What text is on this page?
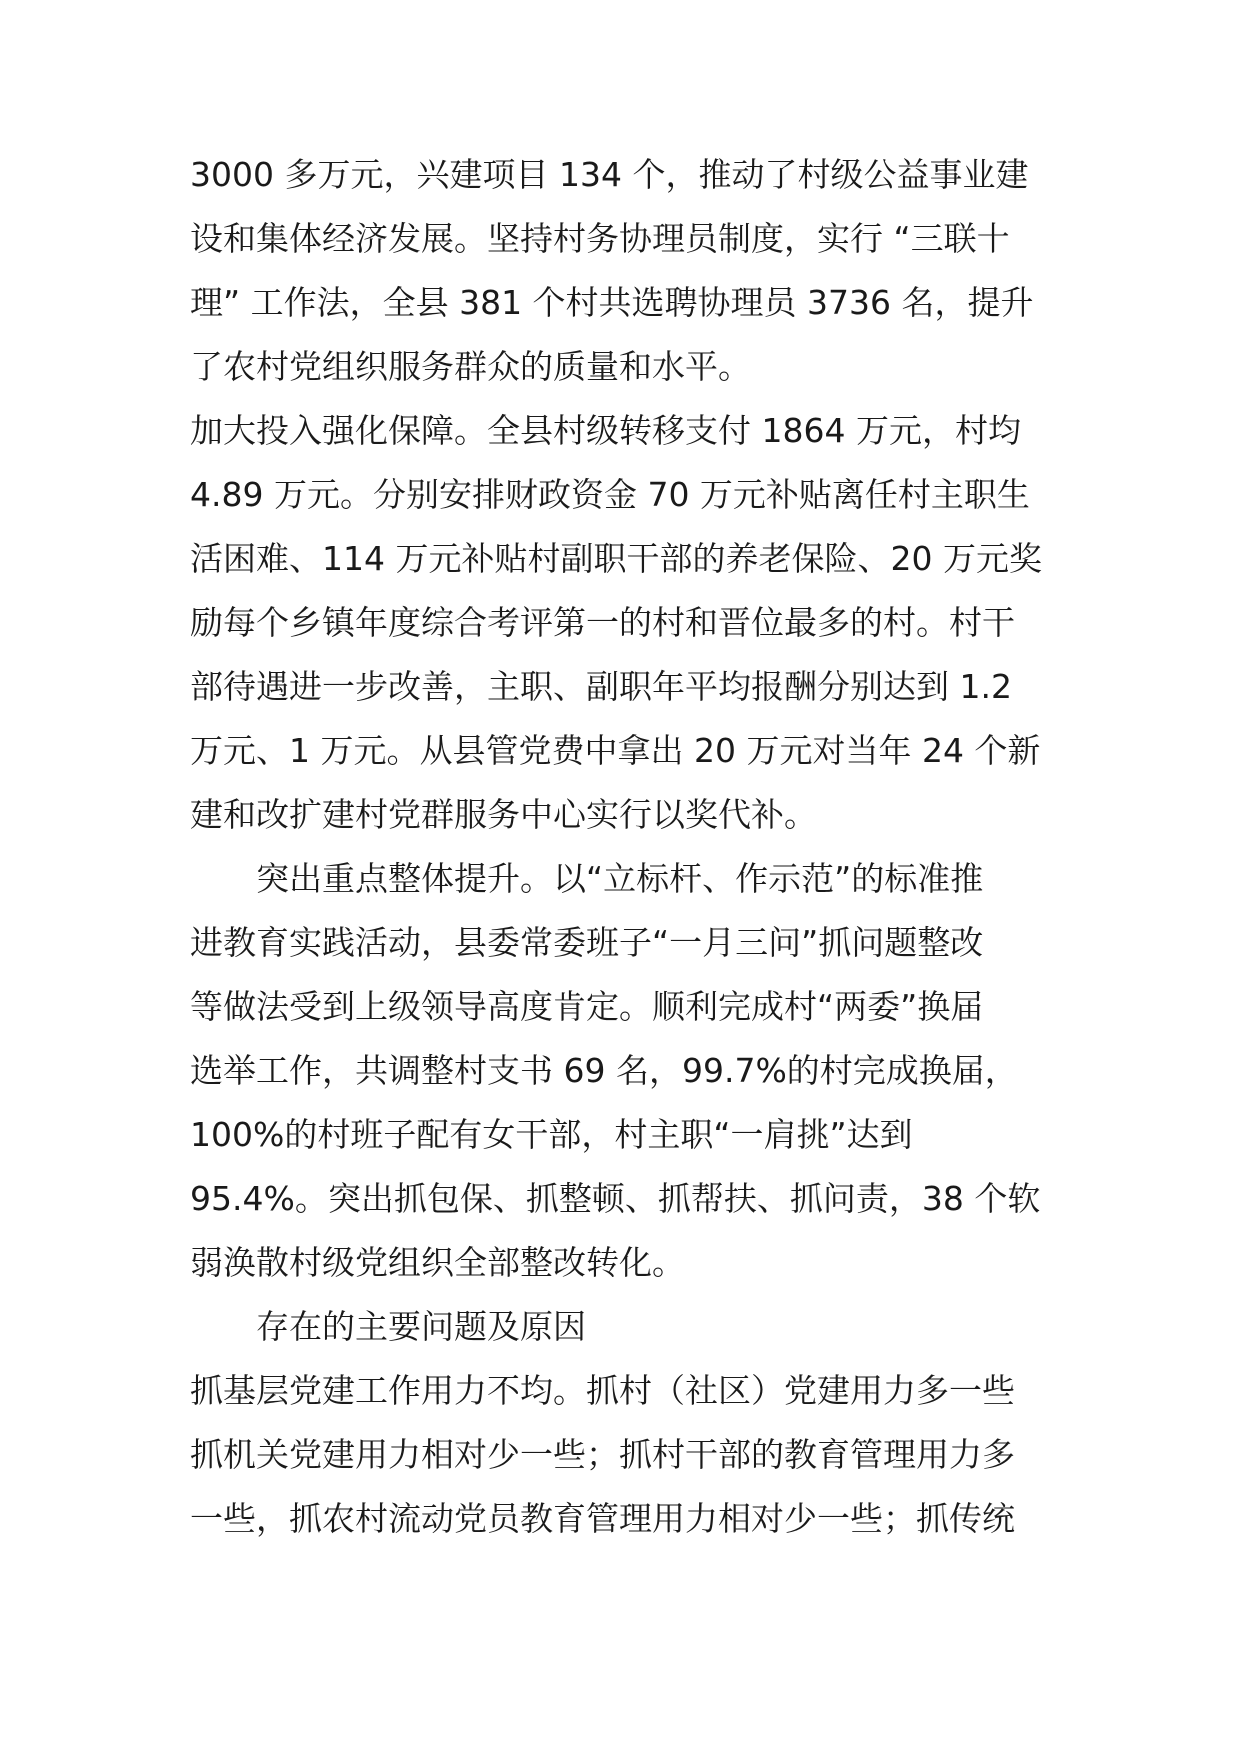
3000 多万元，兴建项目 134 个，推动了村级公益事业建
设和集体经济发展。坚持村务协理员制度，实行 “三联十
理” 工作法，全县 381 个村共选聘协理员 3736 名，提升
了农村党组织服务群众的质量和水平。
加大投入强化保障。全县村级转移支付 1864 万元，村均
4.89 万元。分别安排财政资金 70 万元补贴离任村主职生
活困难、114 万元补贴村副职干部的养老保险、20 万元奖
励每个乡镇年度综合考评第一的村和晋位最多的村。村干
部待遇进一步改善，主职、副职年平均报酬分别达到 1.2
万元、1 万元。从县管党费中拿出 20 万元对当年 24 个新
建和改扩建村党群服务中心实行以奖代补。
突出重点整体提升。以“立标杆、作示范”的标准推
进教育实践活动，县委常委班子“一月三问”抓问题整改
等做法受到上级领导高度肯定。顺利完成村“两委”换届
选举工作，共调整村支书 69 名，99.7%的村完成换届，
100%的村班子配有女干部，村主职“一肩挑”达到
95.4%。突出抓包保、抓整顿、抓帮扶、抓问责，38 个软
弱涣散村级党组织全部整改转化。
存在的主要问题及原因
抓基层党建工作用力不均。抓村（社区）党建用力多一些
抓机关党建用力相对少一些；抓村干部的教育管理用力多
一些，抓农村流动党员教育管理用力相对少一些；抓传统
